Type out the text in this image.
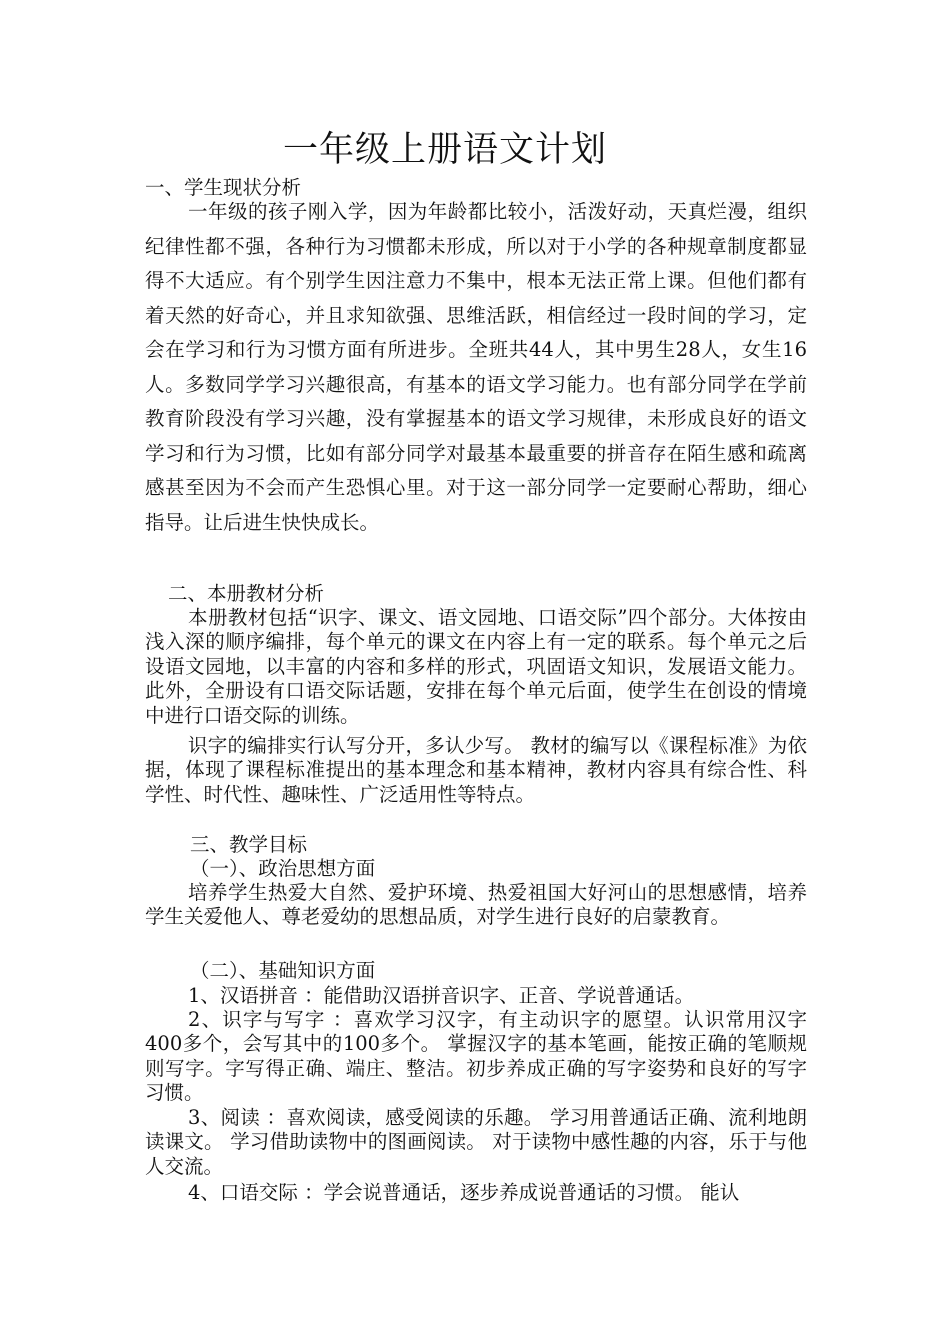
一年级上册语文计划
一、学生现状分析
一年级的孩子刚入学，因为年龄都比较小，活泼好动，天真烂漫，组织纪律性都不强，各种行为习惯都未形成，所以对于小学的各种规章制度都显得不大适应。有个别学生因注意力不集中，根本无法正常上课。但他们都有着天然的好奇心，并且求知欲强、思维活跃，相信经过一段时间的学习，定会在学习和行为习惯方面有所进步。全班共44人，其中男生28人，女生16人。多数同学学习兴趣很高，有基本的语文学习能力。也有部分同学在学前教育阶段没有学习兴趣，没有掌握基本的语文学习规律，未形成良好的语文学习和行为习惯，比如有部分同学对最基本最重要的拼音存在陌生感和疏离感甚至因为不会而产生恐惧心里。对于这一部分同学一定要耐心帮助，细心指导。让后进生快快成长。
二、本册教材分析
本册教材包括“识字、课文、语文园地、口语交际”四个部分。大体按由浅入深的顺序编排，每个单元的课文在内容上有一定的联系。每个单元之后设语文园地，以丰富的内容和多样的形式，巩固语文知识，发展语文能力。此外，全册设有口语交际话题，安排在每个单元后面，使学生在创设的情境中进行口语交际的训练。
识字的编排实行认写分开，多认少写。 教材的编写以《课程标准》为依据，体现了课程标准提出的基本理念和基本精神，教材内容具有综合性、科学性、时代性、趣味性、广泛适用性等特点。
三、教学目标
（一）、政治思想方面
培养学生热爱大自然、爱护环境、热爱祖国大好河山的思想感情，培养学生关爱他人、尊老爱幼的思想品质，对学生进行良好的启蒙教育。
（二）、基础知识方面
1、汉语拼音 ：能借助汉语拼音识字、正音、学说普通话。
2、识字与写字 ：喜欢学习汉字，有主动识字的愿望。认识常用汉字400多个，会写其中的100多个。 掌握汉字的基本笔画，能按正确的笔顺规则写字。字写得正确、端庄、整洁。初步养成正确的写字姿势和良好的写字习惯。
3、阅读 ：喜欢阅读，感受阅读的乐趣。 学习用普通话正确、流利地朗读课文。 学习借助读物中的图画阅读。 对于读物中感性趣的内容，乐于与他人交流。
4、口语交际 ：学会说普通话，逐步养成说普通话的习惯。 能认
